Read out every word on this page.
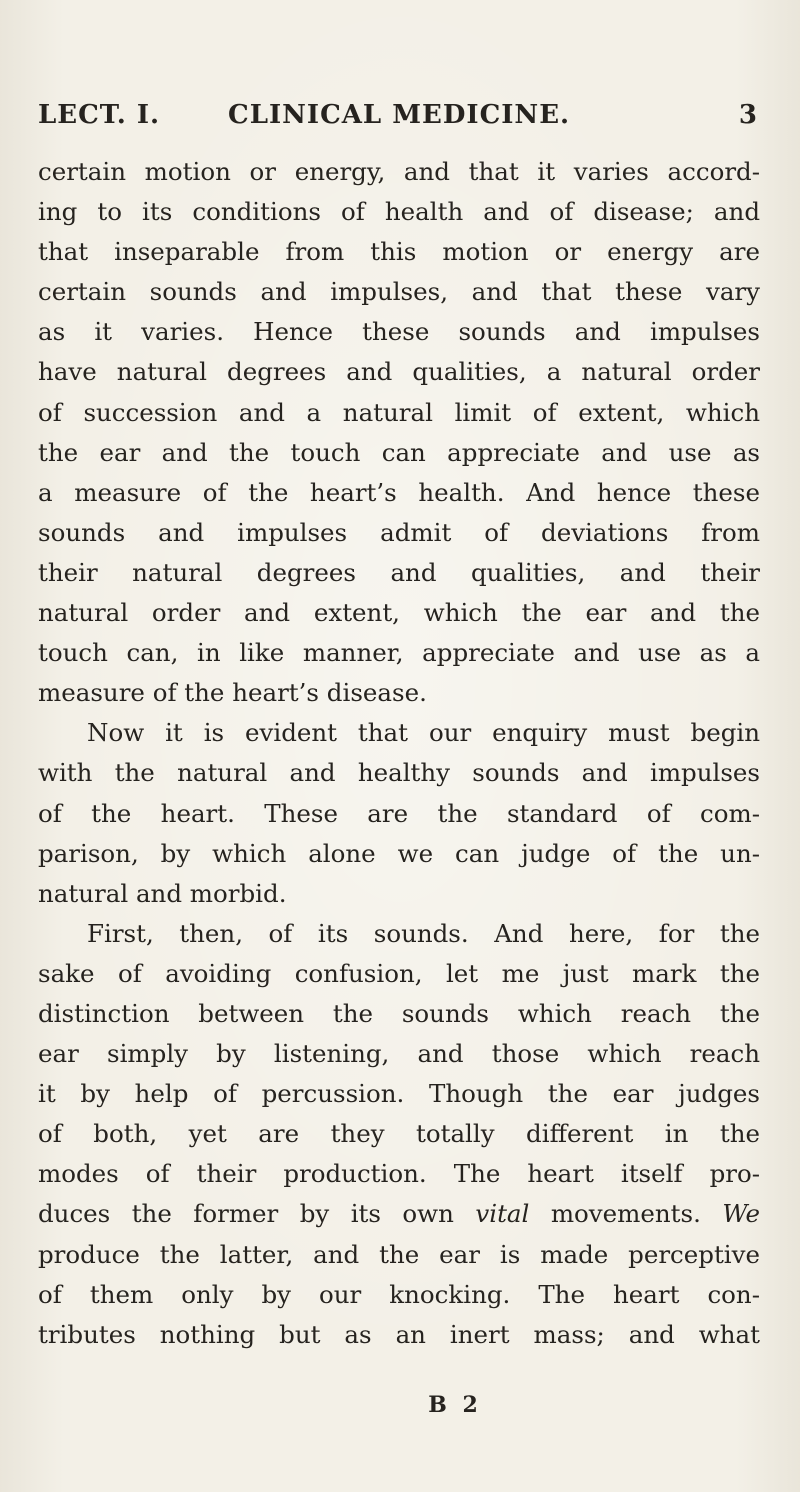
LECT. I.	CLINICAL MEDICINE.	3
certain motion or energy, and that it varies accord-
ing to its conditions of health and of disease; and
that inseparable from this motion or energy are
certain sounds and impulses, and that these vary
as it varies. Hence these sounds and impulses
have natural degrees and qualities, a natural order
of succession and a natural limit of extent, which
the ear and the touch can appreciate and use as
a measure of the heart’s health. And hence these
sounds and impulses admit of deviations from
their natural degrees and qualities, and their
natural order and extent, which the ear and the
touch can, in like manner, appreciate and use as a
measure of the heart’s disease.
Now it is evident that our enquiry must begin
with the natural and healthy sounds and impulses
of the heart. These are the standard of com-
parison, by which alone we can judge of the un-
natural and morbid.
First, then, of its sounds. And here, for the
sake of avoiding confusion, let me just mark the
distinction between the sounds which reach the
ear simply by listening, and those which reach
it by help of percussion. Though the ear judges
of both, yet are they totally different in the
modes of their production. The heart itself pro-
duces the former by its own vital movements. We
produce the latter, and the ear is made perceptive
of them only by our knocking. The heart con-
tributes nothing but as an inert mass; and what
B 2
